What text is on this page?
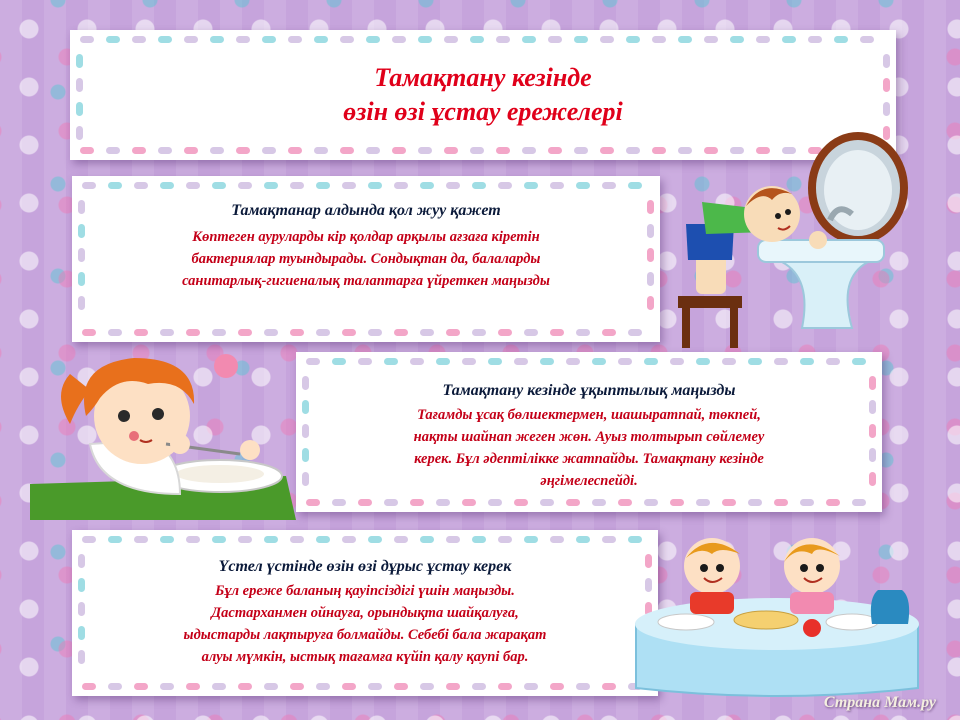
Тамақтану кезінде
өзін өзі ұстау ережелері
Тамақтанар алдында қол жуу қажет
Көптеген ауруларды кір қолдар арқылы ағзаға кіретін
бактериялар туындырады. Сондықтан да, балаларды
санитарлық-гигиеналық талаптарға үйреткен маңызды
Тамақтану кезінде ұқыптылық маңызды
Тағамды ұсақ бөлшектермен, шашыратпай, төкпей,
нақты шайнап жеген жөн. Ауыз толтырып сөйлемеу
керек. Бұл әдептілікке жатпайды. Тамақтану кезінде
әңгімелеспейді.
Үстел үстінде өзін өзі дұрыс ұстау керек
Бұл ереже баланың қауіпсіздігі үшін маңызды.
Дастарханмен ойнауға, орындықта шайқалуға,
ыдыстарды лақтыруға болмайды. Себебі бала жарақат
алуы мүмкін, ыстық тағамға күйіп қалу қаупі бар.
Страна Мам.ру
